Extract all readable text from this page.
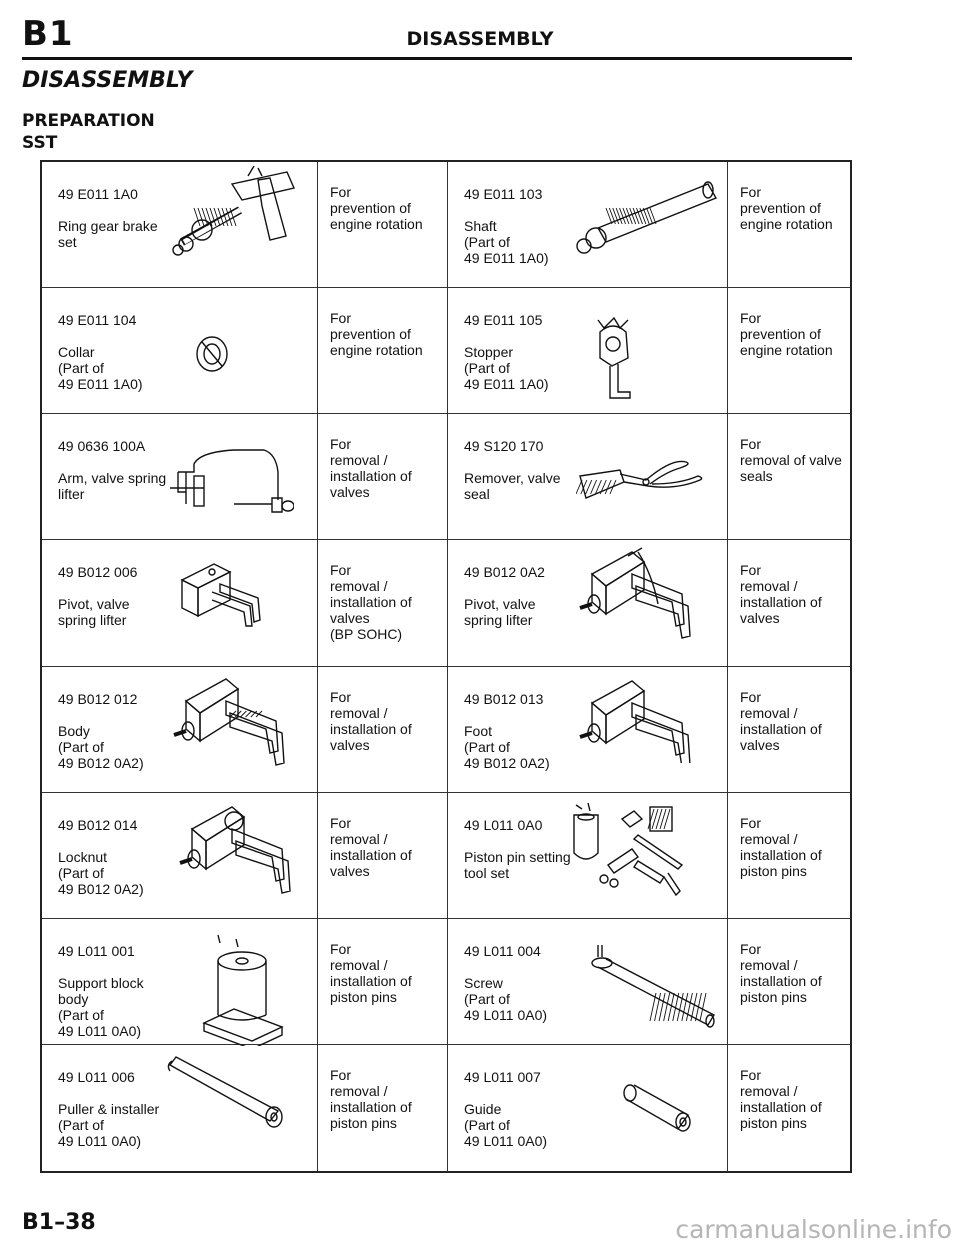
B1	DISASSEMBLY
DISASSEMBLY
PREPARATION
SST
49 E011 1A0
Ring gear brake
set
For
prevention of
engine rotation
49 E011 103
Shaft
(Part of
49 E011 1A0)
For
prevention of
engine rotation
49 E011 104
Collar
(Part of
49 E011 1A0)
For
prevention of
engine rotation
49 E011 105
Stopper
(Part of
49 E011 1A0)
For
prevention of
engine rotation
49 0636 100A
Arm, valve spring
lifter
For
removal /
installation of
valves
49 S120 170
Remover, valve
seal
For
removal of valve
seals
49 B012 006
Pivot, valve
spring lifter
For
removal /
installation of
valves
(BP SOHC)
49 B012 0A2
Pivot, valve
spring lifter
For
removal /
installation of
valves
49 B012 012
Body
(Part of
49 B012 0A2)
For
removal /
installation of
valves
49 B012 013
Foot
(Part of
49 B012 0A2)
For
removal /
installation of
valves
49 B012 014
Locknut
(Part of
49 B012 0A2)
For
removal /
installation of
valves
49 L011 0A0
Piston pin setting
tool set
For
removal /
installation of
piston pins
49 L011 001
Support block
body
(Part of
49 L011 0A0)
For
removal /
installation of
piston pins
49 L011 004
Screw
(Part of
49 L011 0A0)
For
removal /
installation of
piston pins
49 L011 006
Puller & installer
(Part of
49 L011 0A0)
For
removal /
installation of
piston pins
49 L011 007
Guide
(Part of
49 L011 0A0)
For
removal /
installation of
piston pins
B1–38	carmanualsonline.info
